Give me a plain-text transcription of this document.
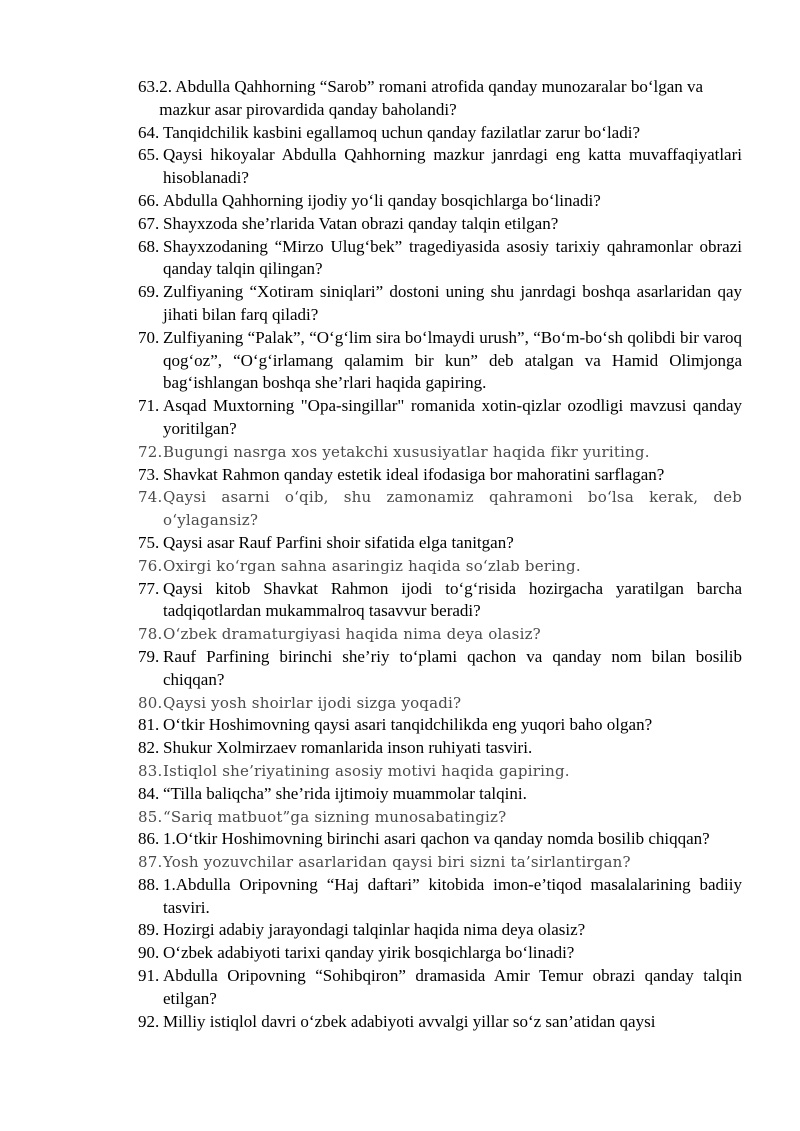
63. 2. Abdulla Qahhorning “Sarob” romani atrofida qanday munozaralar bo‘lgan va mazkur asar pirovardida qanday baholandi?
64. Tanqidchilik kasbini egallamoq uchun qanday fazilatlar zarur bo‘ladi?
65. Qaysi hikoyalar Abdulla Qahhorning mazkur janrdagi eng katta muvaffaqiyatlari hisoblanadi?
66. Abdulla Qahhorning ijodiy yo‘li qanday bosqichlarga bo‘linadi?
67. Shayxzoda she’rlarida Vatan obrazi qanday talqin etilgan?
68. Shayxzodaning “Mirzo Ulug‘bek” tragediyasida asosiy tarixiy qahramonlar obrazi qanday talqin qilingan?
69. Zulfiyaning “Xotiram siniqlari” dostoni uning shu janrdagi boshqa asarlaridan qay jihati bilan farq qiladi?
70. Zulfiyaning “Palak”, “O‘g‘lim sira bo‘lmaydi urush”, “Bo‘m-bo‘sh qolibdi bir varoq qog‘oz”, “O‘g‘irlamang qalamim bir kun” deb atalgan va Hamid Olimjonga bag‘ishlangan boshqa she’rlari haqida gapiring.
71. Asqad Muxtorning "Opa-singillar" romanida xotin-qizlar ozodligi mavzusi qanday yoritilgan?
72. Bugungi nasrga xos yetakchi xususiyatlar haqida fikr yuriting.
73. Shavkat Rahmon qanday estetik ideal ifodasiga bor mahoratini sarflagan?
74. Qaysi asarni o‘qib, shu zamonamiz qahramoni bo‘lsa kerak, deb o‘ylagansiz?
75. Qaysi asar Rauf Parfini shoir sifatida elga tanitgan?
76. Oxirgi ko‘rgan sahna asaringiz haqida so‘zlab bering.
77. Qaysi kitob Shavkat Rahmon ijodi to‘g‘risida hozirgacha yaratilgan barcha tadqiqotlardan mukammalroq tasavvur beradi?
78. O‘zbek dramaturgiyasi haqida nima deya olasiz?
79. Rauf Parfining birinchi she’riy to‘plami qachon va qanday nom bilan bosilib chiqqan?
80. Qaysi yosh shoirlar ijodi sizga yoqadi?
81. O‘tkir Hoshimovning qaysi asari tanqidchilikda eng yuqori baho olgan?
82. Shukur Xolmirzaev romanlarida inson ruhiyati tasviri.
83. Istiqlol she’riyatining asosiy motivi haqida gapiring.
84. “Tilla baliqcha” she’rida ijtimoiy muammolar talqini.
85. “Sariq matbuot”ga sizning munosabatingiz?
86. 1.O‘tkir Hoshimovning birinchi asari qachon va qanday nomda bosilib chiqqan?
87. Yosh yozuvchilar asarlaridan qaysi biri sizni ta’sirlantirgan?
88. 1.Abdulla Oripovning “Haj daftari” kitobida imon-e’tiqod masalalarining badiiy tasviri.
89. Hozirgi adabiy jarayondagi talqinlar haqida nima deya olasiz?
90. O‘zbek adabiyoti tarixi qanday yirik bosqichlarga bo‘linadi?
91. Abdulla Oripovning “Sohibqiron” dramasida Amir Temur obrazi qanday talqin etilgan?
92. Milliy istiqlol davri o‘zbek adabiyoti avvalgi yillar so‘z san’atidan qaysi
